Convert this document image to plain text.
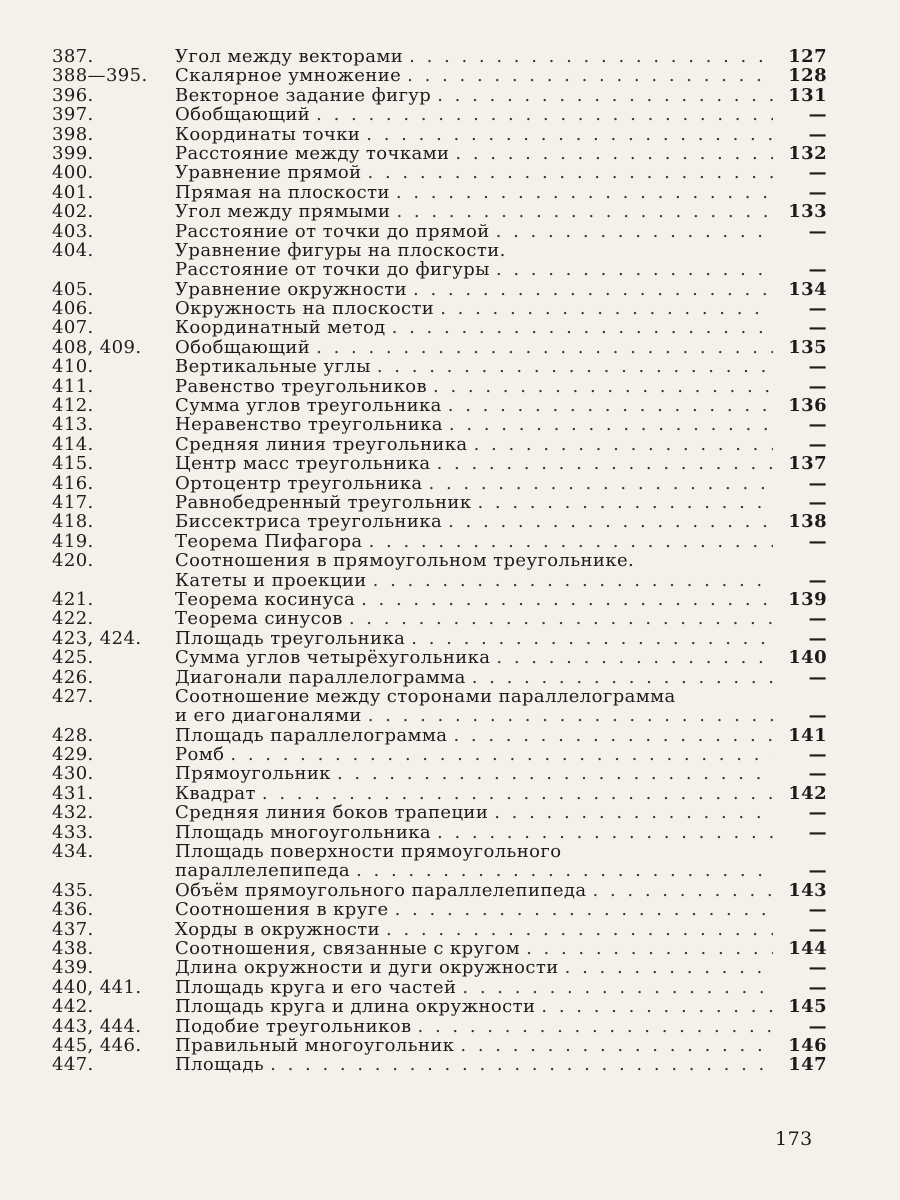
387.	Угол между векторами . . .	127
388—395.	Скалярное умножение . . .	128
396.	Векторное задание фигур . . .	131
397.	Обобщающий . . .	—
398.	Координаты точки . . .	—
399.	Расстояние между точками . . .	132
400.	Уравнение прямой . . .	—
401.	Прямая на плоскости . . .	—
402.	Угол между прямыми . . .	133
403.	Расстояние от точки до прямой . . .	—
404.	Уравнение фигуры на плоскости.
Расстояние от точки до фигуры . . .	—
405.	Уравнение окружности . . .	134
406.	Окружность на плоскости . . .	—
407.	Координатный метод . . .	—
408, 409.	Обобщающий . . .	135
410.	Вертикальные углы . . .	—
411.	Равенство треугольников . . .	—
412.	Сумма углов треугольника . . .	136
413.	Неравенство треугольника . . .	—
414.	Средняя линия треугольника . . .	—
415.	Центр масс треугольника . . .	137
416.	Ортоцентр треугольника . . .	—
417.	Равнобедренный треугольник . . .	—
418.	Биссектриса треугольника . . .	138
419.	Теорема Пифагора . . .	—
420.	Соотношения в прямоугольном треугольнике.
Катеты и проекции . . .	—
421.	Теорема косинуса . . .	139
422.	Теорема синусов . . .	—
423, 424.	Площадь треугольника . . .	—
425.	Сумма углов четырёхугольника . . .	140
426.	Диагонали параллелограмма . . .	—
427.	Соотношение между сторонами параллелограмма
и его диагоналями . . .	—
428.	Площадь параллелограмма . . .	141
429.	Ромб . . .	—
430.	Прямоугольник . . .	—
431.	Квадрат . . .	142
432.	Средняя линия боков трапеции . . .	—
433.	Площадь многоугольника . . .	—
434.	Площадь поверхности прямоугольного
параллелепипеда . . .	—
435.	Объём прямоугольного параллелепипеда . . .	143
436.	Соотношения в круге . . .	—
437.	Хорды в окружности . . .	—
438.	Соотношения, связанные с кругом . . .	144
439.	Длина окружности и дуги окружности . . .	—
440, 441.	Площадь круга и его частей . . .	—
442.	Площадь круга и длина окружности . . .	145
443, 444.	Подобие треугольников . . .	—
445, 446.	Правильный многоугольник . . .	146
447.	Площадь . . .	147
173
